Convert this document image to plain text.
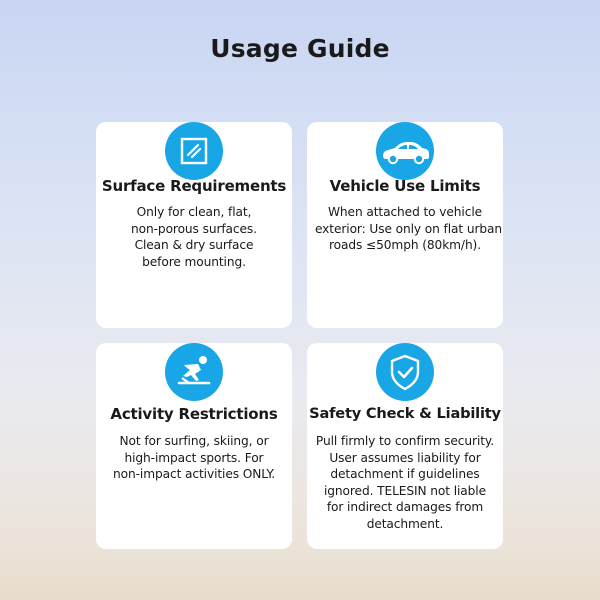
Usage Guide
Surface Requirements
Only for clean, flat,
non-porous surfaces.
Clean & dry surface
before mounting.
Vehicle Use Limits
When attached to vehicle
exterior: Use only on flat urban
roads ≤50mph (80km/h).
Activity Restrictions
Not for surfing, skiing, or
high-impact sports. For
non-impact activities ONLY.
Safety Check & Liability
Pull firmly to confirm security.
User assumes liability for
detachment if guidelines
ignored. TELESIN not liable
for indirect damages from
detachment.
